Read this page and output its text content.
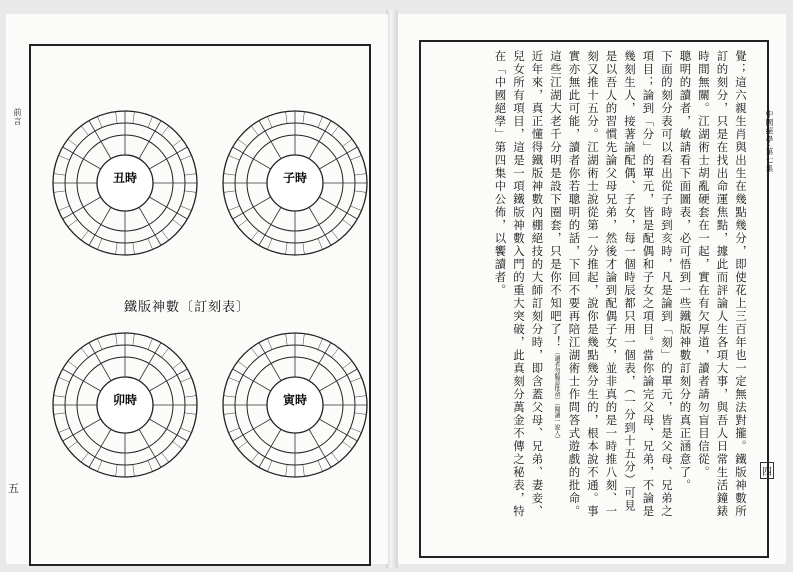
前言
五
丑時	子時
鐵版神數〔訂刻表〕
卯時	寅時
中國絕學·第七集
四

覺；這六親生肖與出生在幾點幾分，即使花上三百年也一定無法對攏。鐵版神數所訂的刻分，只是在找出命運焦點，據此而評論人生各項大事，與吾人日常生活鐘錶時間無關。江湖術士胡亂硬套在一起，實在有欠厚道，讀者請勿盲目信從。

聰明的讀者，敏請看下面圖表，必可悟到一些鐵版神數訂刻分的真正涵意了。

下面的刻分表可以看出從子時到亥時，凡是論到「刻」的單元，皆是父母、兄弟之項目；論到「分」的單元，皆是配偶和子女之項目。當你論完父母、兄弟，不論是幾刻生人，接著論配偶、子女，每一個時辰都只用一個表，（一分到十五分）可見是以吾人的習慣先論父母兄弟，然後才論到配偶子女，並非真的是一時推八刻、一刻又推十五分。江湖術士說從第一分推起，說你是幾點幾分生的，根本說不通。事實亦無此可能，讀者你若聰明的話，下回不要再陪江湖術士作問答式遊戲的批命。

這些江湖大老千分明是設下圈套，只是你不知吧了！（讀者勿隨意批命）（閱讀一說人）

近年來，真正懂得鐵版神數內棚絕技的大師訂刻分時，即含蓋父母、兄弟、妻妾、兒女所有項目，這是一項鐵版神數入門的重大突破，此真刻分萬金不傳之秘表，特在「中國絕學」第四集中公佈，以饗讀者。
